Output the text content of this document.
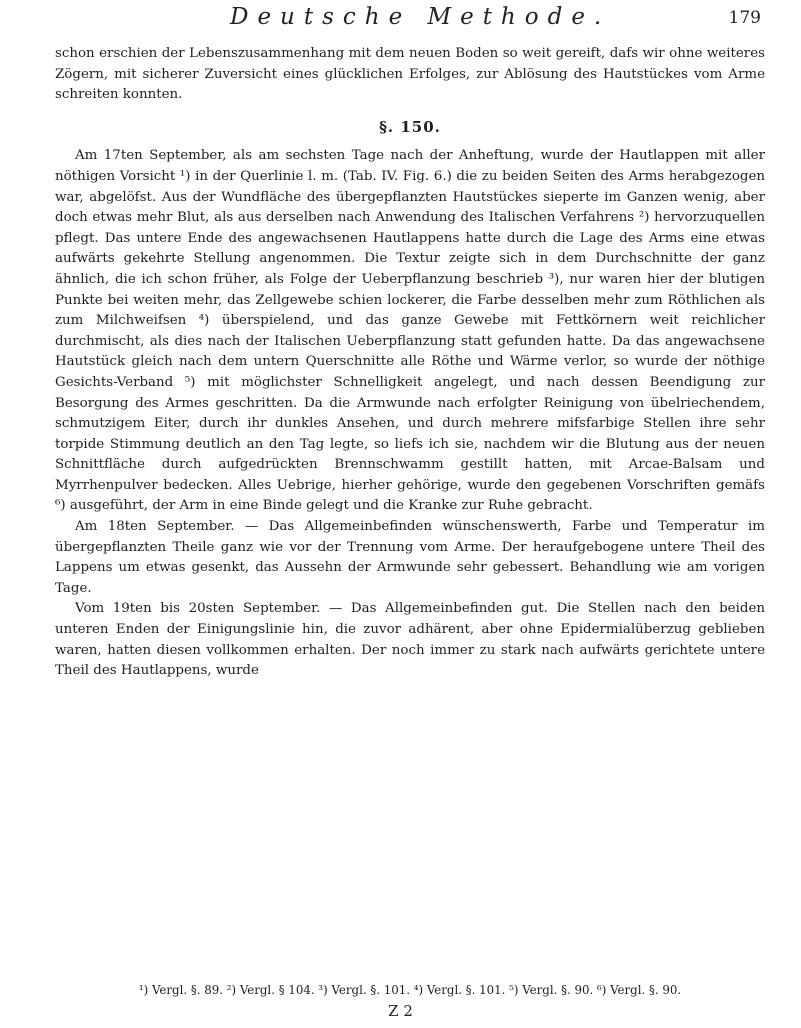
Deutsche Methode.	179

schon erschien der Lebenszusammenhang mit dem neuen Boden so weit gereift, dafs wir ohne weiteres Zögern, mit sicherer Zuversicht eines glücklichen Erfolges, zur Ablösung des Hautstückes vom Arme schreiten konnten.

§. 150.

Am 17ten September, als am sechsten Tage nach der Anheftung, wurde der Hautlappen mit aller nöthigen Vorsicht ¹) in der Querlinie l. m. (Tab. IV. Fig. 6.) die zu beiden Seiten des Arms herabgezogen war, abgelöfst. Aus der Wundfläche des übergepflanzten Hautstückes sieperte im Ganzen wenig, aber doch etwas mehr Blut, als aus derselben nach Anwendung des Italischen Verfahrens ²) hervorzuquellen pflegt. Das untere Ende des angewachsenen Hautlappens hatte durch die Lage des Arms eine etwas aufwärts gekehrte Stellung angenommen. Die Textur zeigte sich in dem Durchschnitte der ganz ähnlich, die ich schon früher, als Folge der Ueberpflanzung beschrieb ³), nur waren hier der blutigen Punkte bei weiten mehr, das Zellgewebe schien lockerer, die Farbe desselben mehr zum Röthlichen als zum Milchweifsen ⁴) überspielend, und das ganze Gewebe mit Fettkörnern weit reichlicher durchmischt, als dies nach der Italischen Ueberpflanzung statt gefunden hatte. Da das angewachsene Hautstück gleich nach dem untern Querschnitte alle Röthe und Wärme verlor, so wurde der nöthige Gesichts-Verband ⁵) mit möglichster Schnelligkeit angelegt, und nach dessen Beendigung zur Besorgung des Armes geschritten. Da die Armwunde nach erfolgter Reinigung von übelriechendem, schmutzigem Eiter, durch ihr dunkles Ansehen, und durch mehrere mifsfarbige Stellen ihre sehr torpide Stimmung deutlich an den Tag legte, so liefs ich sie, nachdem wir die Blutung aus der neuen Schnittfläche durch aufgedrückten Brennschwamm gestillt hatten, mit Arcae-Balsam und Myrrhenpulver bedecken. Alles Uebrige, hierher gehörige, wurde den gegebenen Vorschriften gemäfs ⁶) ausgeführt, der Arm in eine Binde gelegt und die Kranke zur Ruhe gebracht.

Am 18ten September. — Das Allgemeinbefinden wünschenswerth, Farbe und Temperatur im übergepflanzten Theile ganz wie vor der Trennung vom Arme. Der heraufgebogene untere Theil des Lappens um etwas gesenkt, das Aussehn der Armwunde sehr gebessert. Behandlung wie am vorigen Tage.

Vom 19ten bis 20sten September. — Das Allgemeinbefinden gut. Die Stellen nach den beiden unteren Enden der Einigungslinie hin, die zuvor adhärent, aber ohne Epidermialüberzug geblieben waren, hatten diesen vollkommen erhalten. Der noch immer zu stark nach aufwärts gerichtete untere Theil des Hautlappens, wurde

¹) Vergl. §. 89. ²) Vergl. § 104. ³) Vergl. §. 101. ⁴) Vergl. §. 101. ⁵) Vergl. §. 90. ⁶) Vergl. §. 90.
Z 2
